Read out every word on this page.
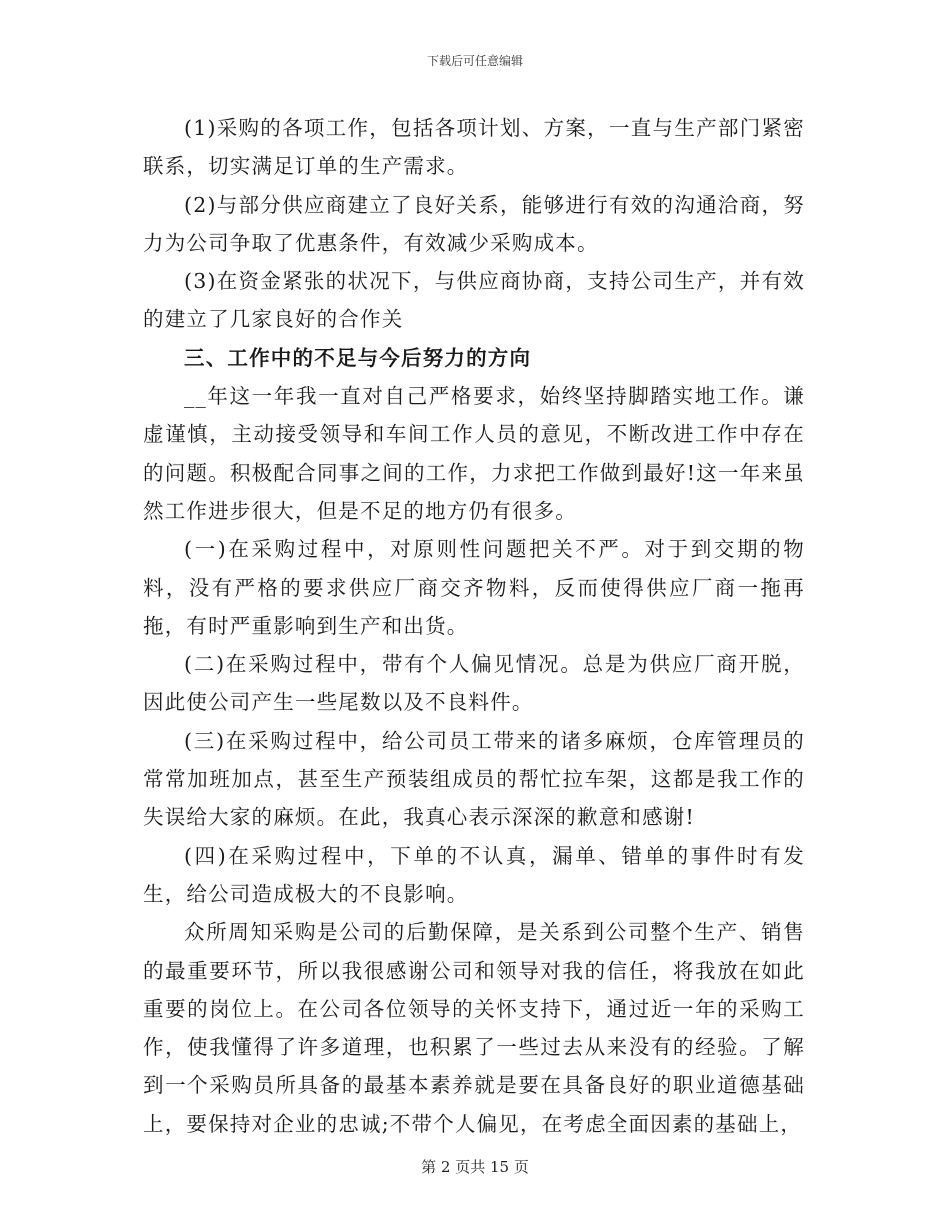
下载后可任意编辑

(1)采购的各项工作，包括各项计划、方案，一直与生产部门紧密联系，切实满足订单的生产需求。

(2)与部分供应商建立了良好关系，能够进行有效的沟通洽商，努力为公司争取了优惠条件，有效减少采购成本。

(3)在资金紧张的状况下，与供应商协商，支持公司生产，并有效的建立了几家良好的合作关

三、工作中的不足与今后努力的方向

__年这一年我一直对自己严格要求，始终坚持脚踏实地工作。谦虚谨慎，主动接受领导和车间工作人员的意见，不断改进工作中存在的问题。积极配合同事之间的工作，力求把工作做到最好!这一年来虽然工作进步很大，但是不足的地方仍有很多。

(一)在采购过程中，对原则性问题把关不严。对于到交期的物料，没有严格的要求供应厂商交齐物料，反而使得供应厂商一拖再拖，有时严重影响到生产和出货。

(二)在采购过程中，带有个人偏见情况。总是为供应厂商开脱，因此使公司产生一些尾数以及不良料件。

(三)在采购过程中，给公司员工带来的诸多麻烦，仓库管理员的常常加班加点，甚至生产预装组成员的帮忙拉车架，这都是我工作的失误给大家的麻烦。在此，我真心表示深深的歉意和感谢!

(四)在采购过程中，下单的不认真，漏单、错单的事件时有发生，给公司造成极大的不良影响。

众所周知采购是公司的后勤保障，是关系到公司整个生产、销售的最重要环节，所以我很感谢公司和领导对我的信任，将我放在如此重要的岗位上。在公司各位领导的关怀支持下，通过近一年的采购工作，使我懂得了许多道理，也积累了一些过去从来没有的经验。了解到一个采购员所具备的最基本素养就是要在具备良好的职业道德基础上，要保持对企业的忠诚;不带个人偏见，在考虑全面因素的基础上，

第 2 页共 15 页
